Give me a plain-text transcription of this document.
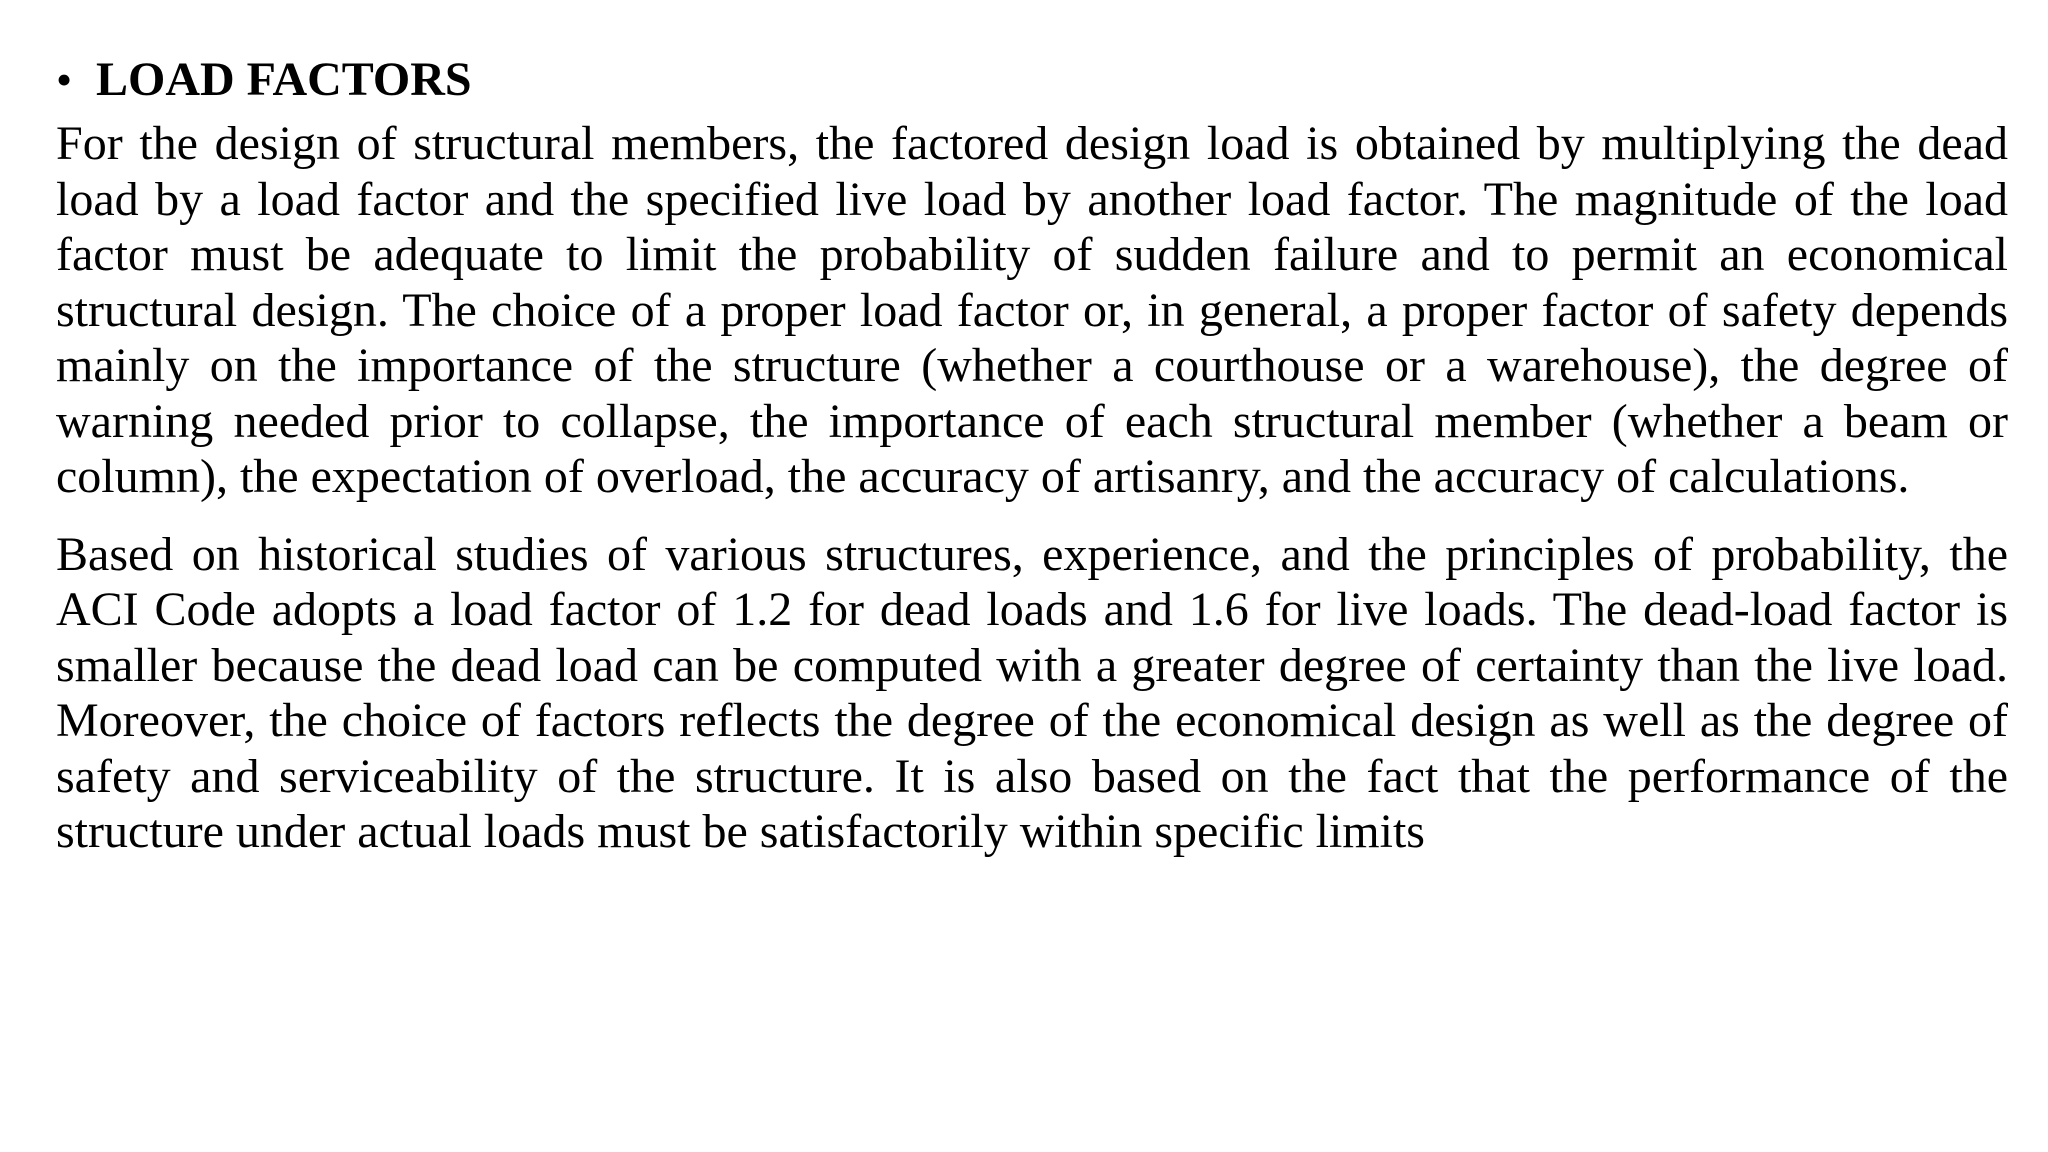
• LOAD FACTORS

For the design of structural members, the factored design load is obtained by multiplying the dead load by a load factor and the specified live load by another load factor. The magnitude of the load factor must be adequate to limit the probability of sudden failure and to permit an economical structural design. The choice of a proper load factor or, in general, a proper factor of safety depends mainly on the importance of the structure (whether a courthouse or a warehouse), the degree of warning needed prior to collapse, the importance of each structural member (whether a beam or column), the expectation of overload, the accuracy of artisanry, and the accuracy of calculations.

Based on historical studies of various structures, experience, and the principles of probability, the ACI Code adopts a load factor of 1.2 for dead loads and 1.6 for live loads. The dead-load factor is smaller because the dead load can be computed with a greater degree of certainty than the live load. Moreover, the choice of factors reflects the degree of the economical design as well as the degree of safety and serviceability of the structure. It is also based on the fact that the performance of the structure under actual loads must be satisfactorily within specific limits
